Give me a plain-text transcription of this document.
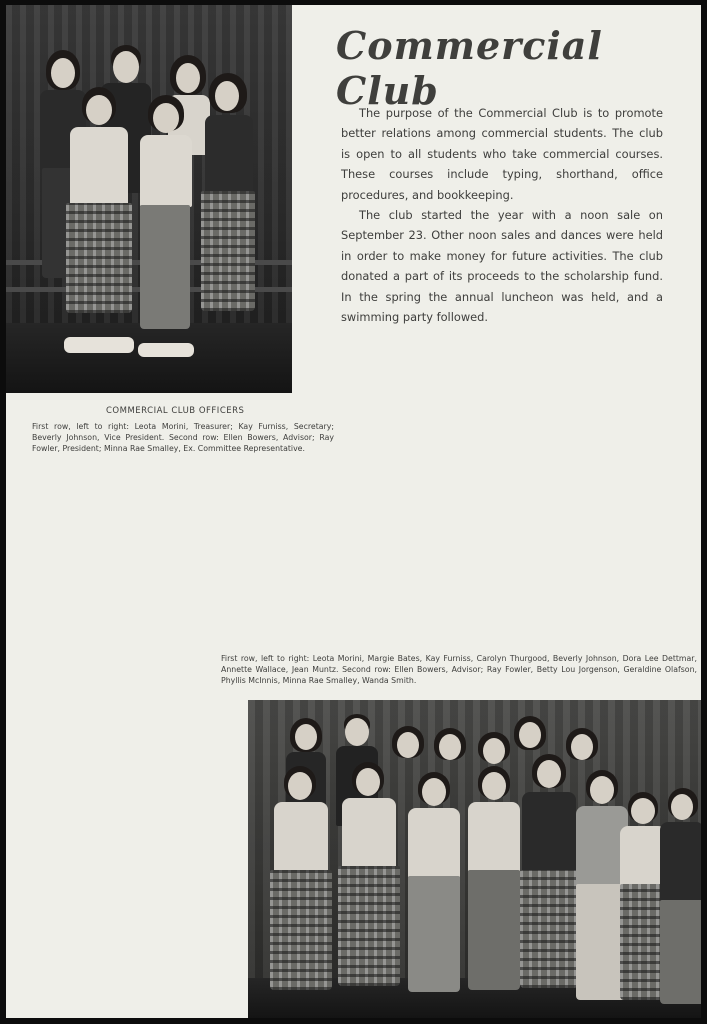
Commercial Club

The purpose of the Commercial Club is to promote better relations among commercial students. The club is open to all students who take commercial courses. These courses include typing, shorthand, office procedures, and bookkeeping.

The club started the year with a noon sale on September 23. Other noon sales and dances were held in order to make money for future activities. The club donated a part of its proceeds to the scholarship fund. In the spring the annual luncheon was held, and a swimming party followed.

COMMERCIAL CLUB OFFICERS
First row, left to right: Leota Morini, Treasurer; Kay Furniss, Secretary; Beverly Johnson, Vice President. Second row: Ellen Bowers, Advisor; Ray Fowler, President; Minna Rae Smalley, Ex. Committee Representative.
First row, left to right: Leota Morini, Margie Bates, Kay Furniss, Carolyn Thurgood, Beverly Johnson, Dora Lee Dettmar, Annette Wallace, Jean Muntz. Second row: Ellen Bowers, Advisor; Ray Fowler, Betty Lou Jorgenson, Geraldine Olafson, Phyllis McInnis, Minna Rae Smalley, Wanda Smith.
